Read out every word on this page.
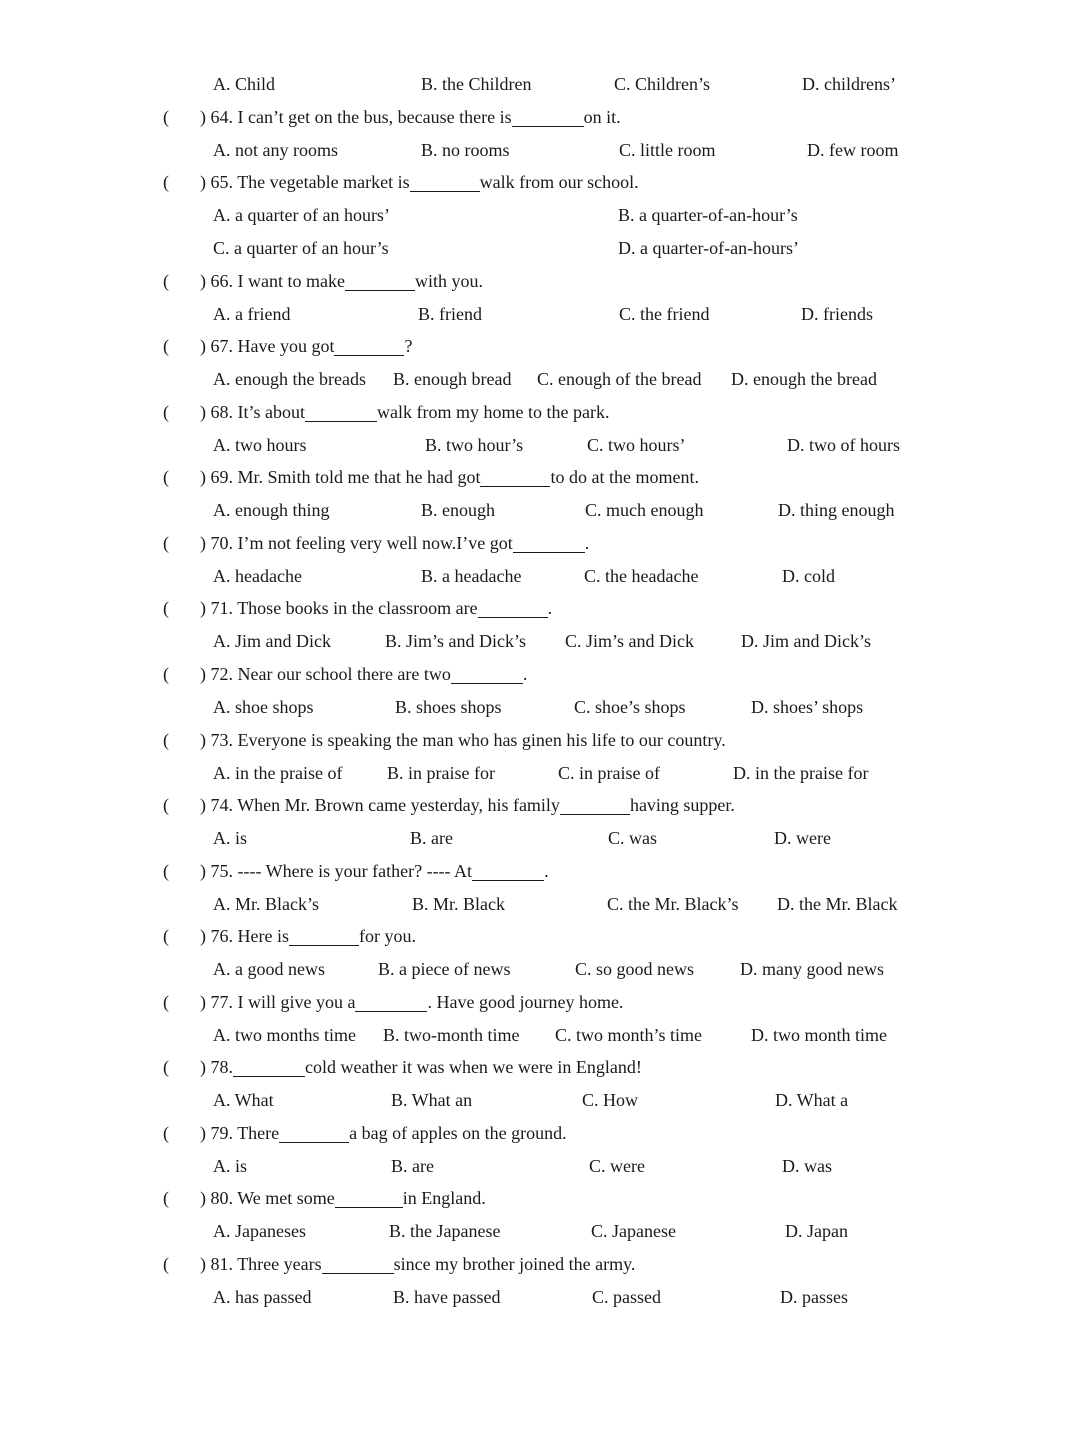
A. Child	B. the Children	C. Children’s	D. childrens’
( ) 64. I can’t get on the bus, because there is	on it.
A. not any rooms	B. no rooms	C. little room	D. few room
( ) 65. The vegetable market is	walk from our school.
A. a quarter of an hours’	B. a quarter-of-an-hour’s
C. a quarter of an hour’s	D. a quarter-of-an-hours’
( ) 66. I want to make	with you.
A. a friend	B. friend	C. the friend	D. friends
( ) 67. Have you got	?
A. enough the breads B. enough bread C. enough of the bread D. enough the bread
( ) 68. It’s about	walk from my home to the park.
A. two hours	B. two hour’s	C. two hours’	D. two of hours
( ) 69. Mr. Smith told me that he had got	to do at the moment.
A. enough thing	B. enough	C. much enough	D. thing enough
( ) 70. I’m not feeling very well now.I’ve got	.
A. headache	B. a headache	C. the headache	D. cold
( ) 71. Those books in the classroom are	.
A. Jim and Dick	B. Jim’s and Dick’s C. Jim’s and Dick	D. Jim and Dick’s
( ) 72. Near our school there are two	.
A. shoe shops	B. shoes shops	C. shoe’s shops	D. shoes’ shops
( ) 73. Everyone is speaking the man who has ginen his life to our country.
A. in the praise of B. in praise for	C. in praise of	D. in the praise for
( ) 74. When Mr. Brown came yesterday, his family	having supper.
A. is	B. are	C. was	D. were
( ) 75. ---- Where is your father? ---- At	.
A. Mr. Black’s	B. Mr. Black	C. the Mr. Black’s D. the Mr. Black
( ) 76. Here is	for you.
A. a good news	B. a piece of news	C. so good news	D. many good news
( ) 77. I will give you a	. Have good journey home.
A. two months time B. two-month time C. two month’s time	D. two month time
( ) 78.	cold weather it was when we were in England!
A. What	B. What an	C. How	D. What a
( ) 79. There	a bag of apples on the ground.
A. is	B. are	C. were	D. was
( ) 80. We met some	in England.
A. Japaneses	B. the Japanese	C. Japanese	D. Japan
( ) 81. Three years	since my brother joined the army.
A. has passed	B. have passed	C. passed	D. passes
